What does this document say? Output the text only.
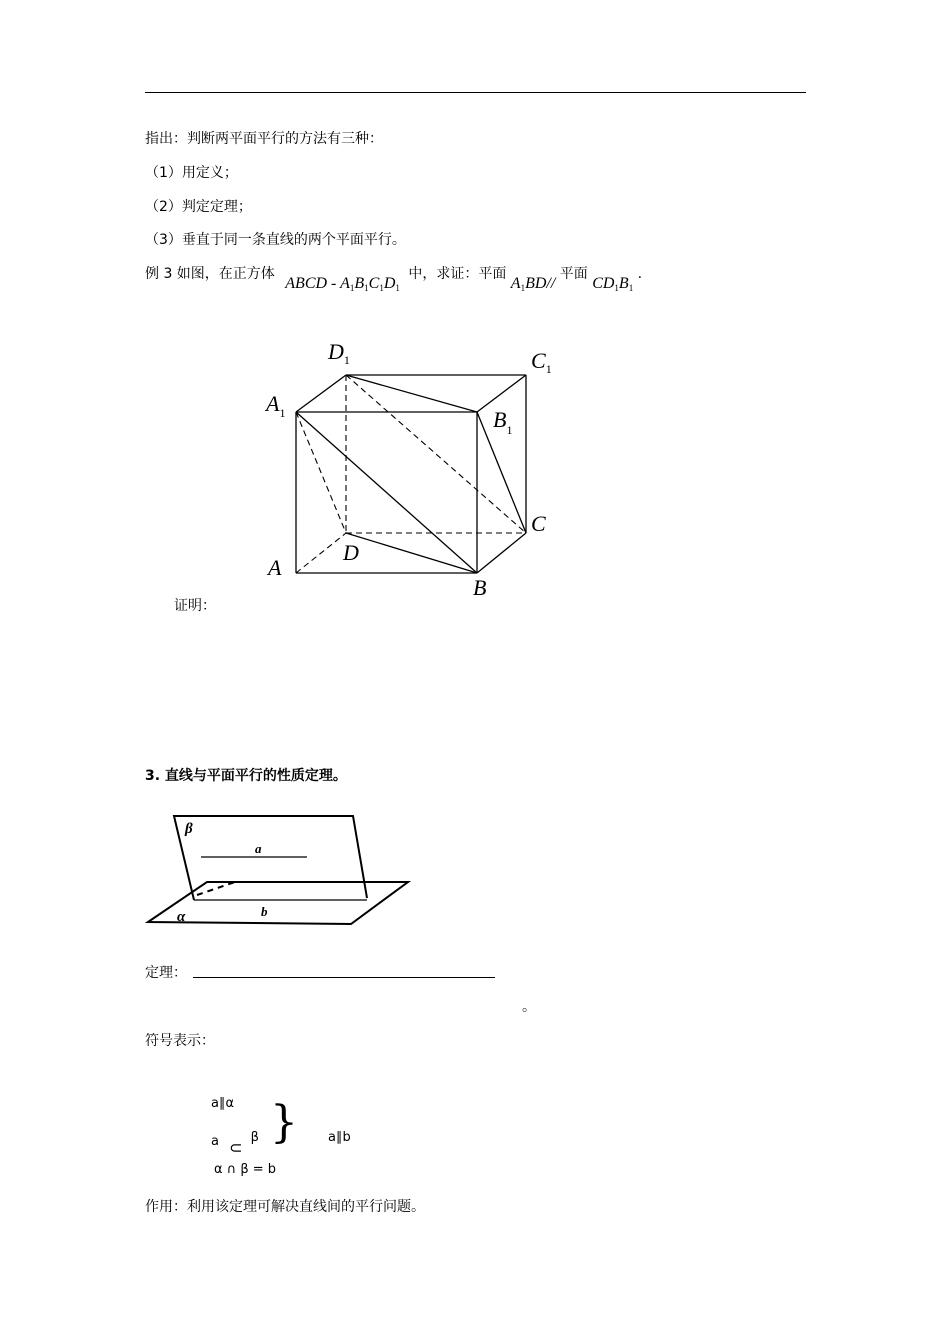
指出：判断两平面平行的方法有三种：
（1）用定义；
（2）判定定理；
（3）垂直于同一条直线的两个平面平行。
例 3 如图，在正方体 ABCD - $A_1B_1C_1D_1$ 中，求证：平面 $A_1BD//$ 平面 $CD_1B_1$ .
$D_1$	$C_1$
$A_1$	$B_1$
C
D
A
B
证明：
3. 直线与平面平行的性质定理。
β
α
a
b
定理：
。
符号表示：
a∥α
a ⊂ β
α ∩ β = b
} a∥b
作用：利用该定理可解决直线间的平行问题。
